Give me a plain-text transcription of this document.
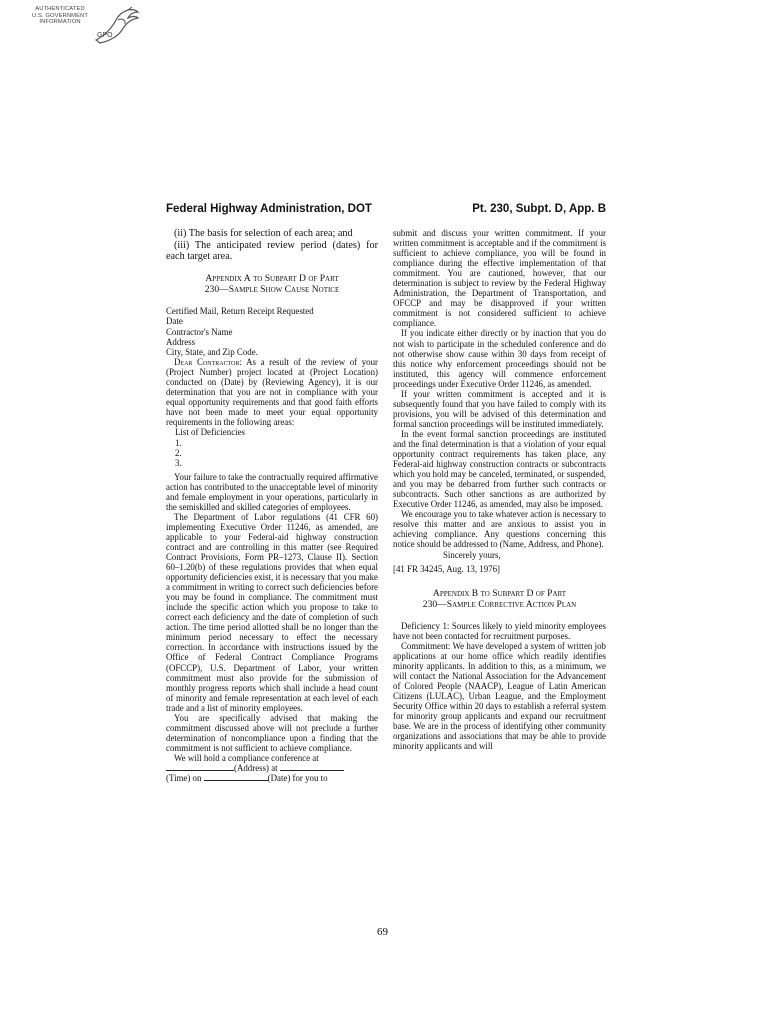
AUTHENTICATED
U.S. GOVERNMENT
INFORMATION
GPO
Federal Highway Administration, DOT	Pt. 230, Subpt. D, App. B

(ii) The basis for selection of each area; and

(iii) The anticipated review period (dates) for each target area.

Appendix A to Subpart D of Part
230—Sample Show Cause Notice

Certified Mail, Return Receipt Requested

Date

Contractor's Name

Address

City, State, and Zip Code.

Dear Contractor: As a result of the review of your (Project Number) project located at (Project Location) conducted on (Date) by (Reviewing Agency), it is our determination that you are not in compliance with your equal opportunity requirements and that good faith efforts have not been made to meet your equal opportunity requirements in the following areas:

List of Deficiencies
1.
2.
3.

Your failure to take the contractually required affirmative action has contributed to the unacceptable level of minority and female employment in your operations, particularly in the semiskilled and skilled categories of employees.

The Department of Labor regulations (41 CFR 60) implementing Executive Order 11246, as amended, are applicable to your Federal-aid highway construction contract and are controlling in this matter (see Required Contract Provisions, Form PR–1273, Clause II). Section 60–1.20(b) of these regulations provides that when equal opportunity deficiencies exist, it is necessary that you make a commitment in writing to correct such deficiencies before you may be found in compliance. The commitment must include the specific action which you propose to take to correct each deficiency and the date of completion of such action. The time period allotted shall be no longer than the minimum period necessary to effect the necessary correction. In accordance with instructions issued by the Office of Federal Contract Compliance Programs (OFCCP), U.S. Department of Labor, your written commitment must also provide for the submission of monthly progress reports which shall include a head count of minority and female representation at each level of each trade and a list of minority employees.

You are specifically advised that making the commitment discussed above will not preclude a further determination of noncompliance upon a finding that the commitment is not sufficient to achieve compliance.

We will hold a compliance conference at
(Address) at
(Time) on	(Date) for you to

submit and discuss your written commitment. If your written commitment is acceptable and if the commitment is sufficient to achieve compliance, you will be found in compliance during the effective implementation of that commitment. You are cautioned, however, that our determination is subject to review by the Federal Highway Administration, the Department of Transportation, and OFCCP and may be disapproved if your written commitment is not considered sufficient to achieve compliance.

If you indicate either directly or by inaction that you do not wish to participate in the scheduled conference and do not otherwise show cause within 30 days from receipt of this notice why enforcement proceedings should not be instituted, this agency will commence enforcement proceedings under Executive Order 11246, as amended.

If your written commitment is accepted and it is subsequently found that you have failed to comply with its provisions, you will be advised of this determination and formal sanction proceedings will be instituted immediately.

In the event formal sanction proceedings are instituted and the final determination is that a violation of your equal opportunity contract requirements has taken place, any Federal-aid highway construction contracts or subcontracts which you hold may be canceled, terminated, or suspended, and you may be debarred from further such contracts or subcontracts. Such other sanctions as are authorized by Executive Order 11246, as amended, may also be imposed.

We encourage you to take whatever action is necessary to resolve this matter and are anxious to assist you in achieving compliance. Any questions concerning this notice should be addressed to (Name, Address, and Phone).

Sincerely yours,

[41 FR 34245, Aug. 13, 1976]

Appendix B to Subpart D of Part
230—Sample Corrective Action Plan

Deficiency 1: Sources likely to yield minority employees have not been contacted for recruitment purposes.

Commitment: We have developed a system of written job applications at our home office which readily identifies minority applicants. In addition to this, as a minimum, we will contact the National Association for the Advancement of Colored People (NAACP), League of Latin American Citizens (LULAC), Urban League, and the Employment Security Office within 20 days to establish a referral system for minority group applicants and expand our recruitment base. We are in the process of identifying other community organizations and associations that may be able to provide minority applicants and will

69
